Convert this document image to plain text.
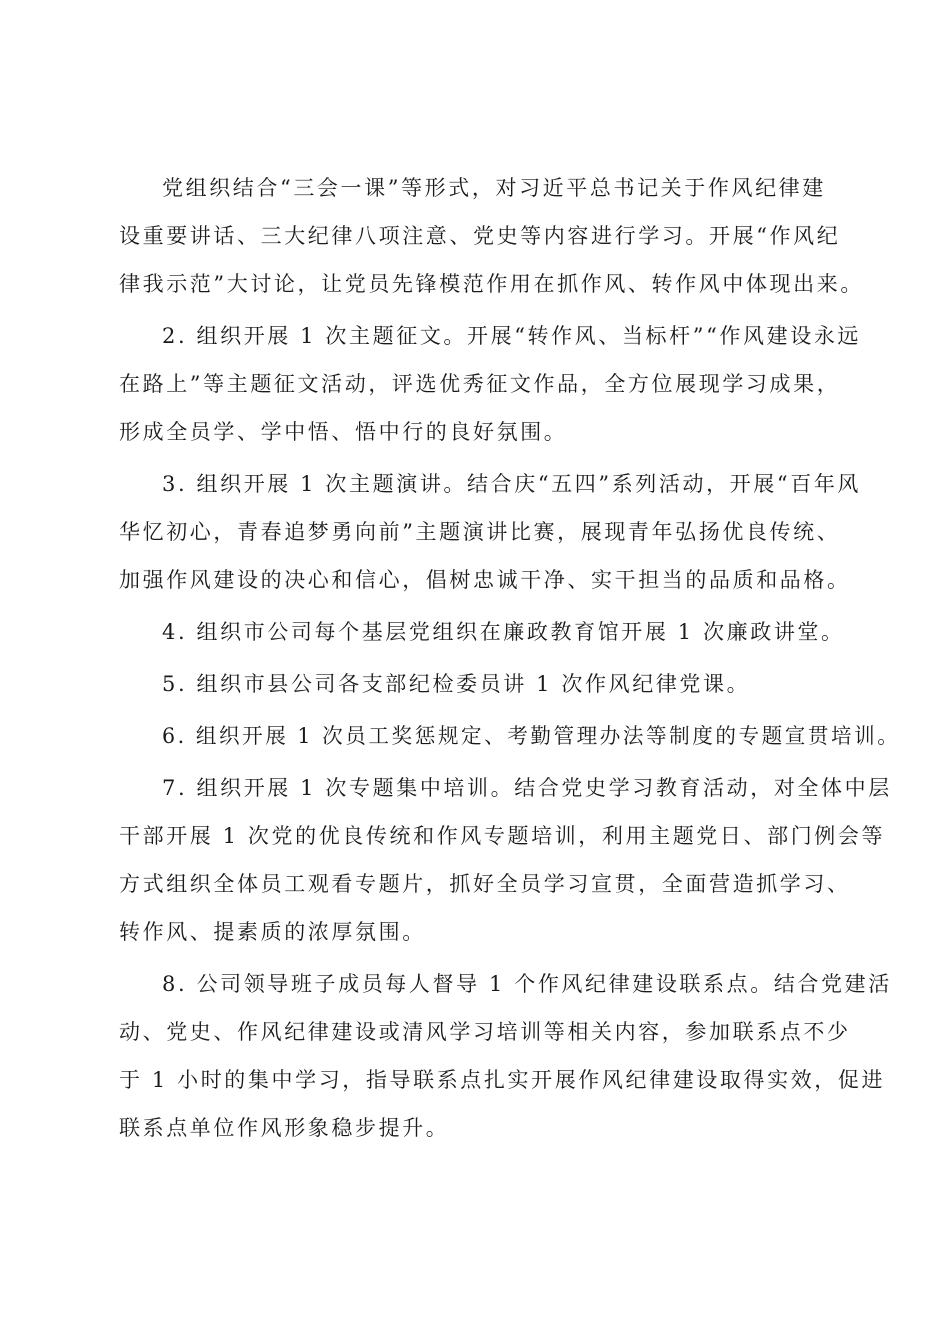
党组织结合“三会一课”等形式，对习近平总书记关于作风纪律建
设重要讲话、三大纪律八项注意、党史等内容进行学习。开展“作风纪
律我示范”大讨论，让党员先锋模范作用在抓作风、转作风中体现出来。
2. 组织开展 1 次主题征文。开展“转作风、当标杆”“作风建设永远
在路上”等主题征文活动，评选优秀征文作品，全方位展现学习成果，
形成全员学、学中悟、悟中行的良好氛围。
3. 组织开展 1 次主题演讲。结合庆“五四”系列活动，开展“百年风
华忆初心，青春追梦勇向前”主题演讲比赛，展现青年弘扬优良传统、
加强作风建设的决心和信心，倡树忠诚干净、实干担当的品质和品格。
4. 组织市公司每个基层党组织在廉政教育馆开展 1 次廉政讲堂。
5. 组织市县公司各支部纪检委员讲 1 次作风纪律党课。
6. 组织开展 1 次员工奖惩规定、考勤管理办法等制度的专题宣贯培训。
7. 组织开展 1 次专题集中培训。结合党史学习教育活动，对全体中层
干部开展 1 次党的优良传统和作风专题培训，利用主题党日、部门例会等
方式组织全体员工观看专题片，抓好全员学习宣贯，全面营造抓学习、
转作风、提素质的浓厚氛围。
8. 公司领导班子成员每人督导 1 个作风纪律建设联系点。结合党建活
动、党史、作风纪律建设或清风学习培训等相关内容，参加联系点不少
于 1 小时的集中学习，指导联系点扎实开展作风纪律建设取得实效，促进
联系点单位作风形象稳步提升。
